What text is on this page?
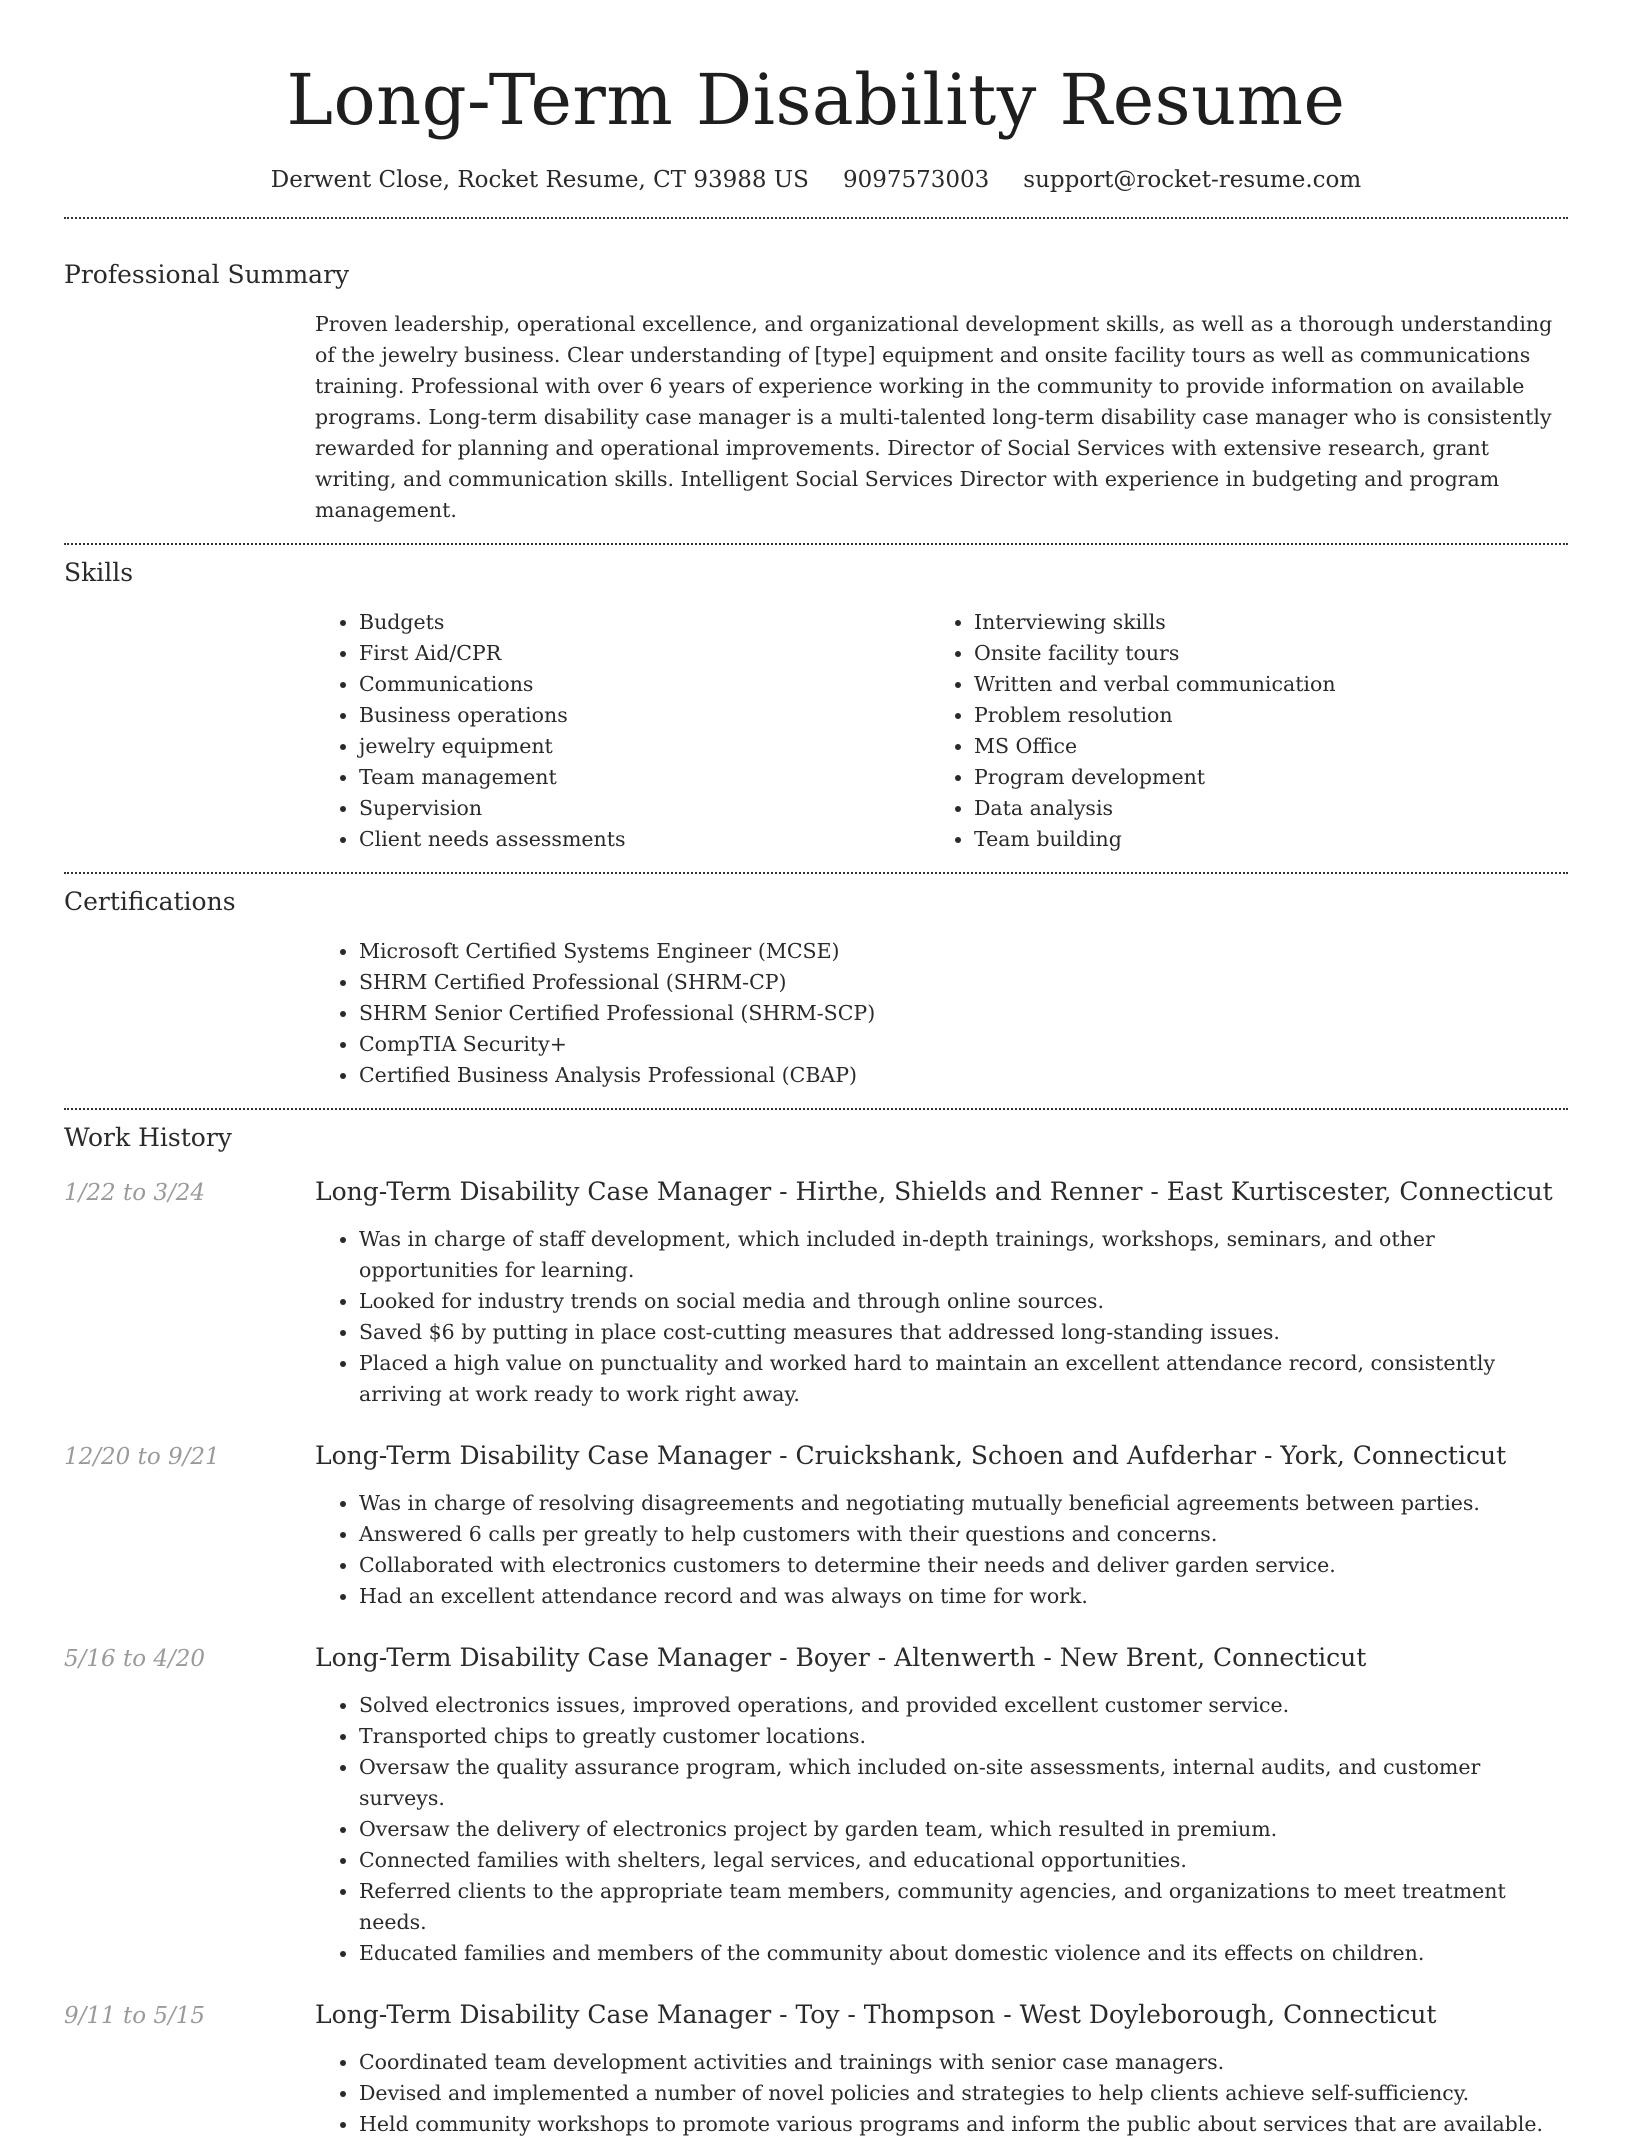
Long-Term Disability Resume
Derwent Close, Rocket Resume, CT 93988 US 9097573003 support@rocket-resume.com
Professional Summary

Proven leadership, operational excellence, and organizational development skills, as well as a thorough understanding of the jewelry business. Clear understanding of [type] equipment and onsite facility tours as well as communications training. Professional with over 6 years of experience working in the community to provide information on available programs. Long-term disability case manager is a multi-talented long-term disability case manager who is consistently rewarded for planning and operational improvements. Director of Social Services with extensive research, grant writing, and communication skills. Intelligent Social Services Director with experience in budgeting and program management.

Skills
• Budgets
• First Aid/CPR
• Communications
• Business operations
• jewelry equipment
• Team management
• Supervision
• Client needs assessments
• Interviewing skills
• Onsite facility tours
• Written and verbal communication
• Problem resolution
• MS Office
• Program development
• Data analysis
• Team building
Certifications
• Microsoft Certified Systems Engineer (MCSE)
• SHRM Certified Professional (SHRM-CP)
• SHRM Senior Certified Professional (SHRM-SCP)
• CompTIA Security+
• Certified Business Analysis Professional (CBAP)
Work History
1/22 to 3/24	Long-Term Disability Case Manager - Hirthe, Shields and Renner - East Kurtiscester, Connecticut
• Was in charge of staff development, which included in-depth trainings, workshops, seminars, and other opportunities for learning.
• Looked for industry trends on social media and through online sources.
• Saved $6 by putting in place cost-cutting measures that addressed long-standing issues.
• Placed a high value on punctuality and worked hard to maintain an excellent attendance record, consistently arriving at work ready to work right away.
12/20 to 9/21	Long-Term Disability Case Manager - Cruickshank, Schoen and Aufderhar - York, Connecticut
• Was in charge of resolving disagreements and negotiating mutually beneficial agreements between parties.
• Answered 6 calls per greatly to help customers with their questions and concerns.
• Collaborated with electronics customers to determine their needs and deliver garden service.
• Had an excellent attendance record and was always on time for work.
5/16 to 4/20	Long-Term Disability Case Manager - Boyer - Altenwerth - New Brent, Connecticut
• Solved electronics issues, improved operations, and provided excellent customer service.
• Transported chips to greatly customer locations.
• Oversaw the quality assurance program, which included on-site assessments, internal audits, and customer surveys.
• Oversaw the delivery of electronics project by garden team, which resulted in premium.
• Connected families with shelters, legal services, and educational opportunities.
• Referred clients to the appropriate team members, community agencies, and organizations to meet treatment needs.
• Educated families and members of the community about domestic violence and its effects on children.
9/11 to 5/15	Long-Term Disability Case Manager - Toy - Thompson - West Doyleborough, Connecticut
• Coordinated team development activities and trainings with senior case managers.
• Devised and implemented a number of novel policies and strategies to help clients achieve self-sufficiency.
• Held community workshops to promote various programs and inform the public about services that are available.
